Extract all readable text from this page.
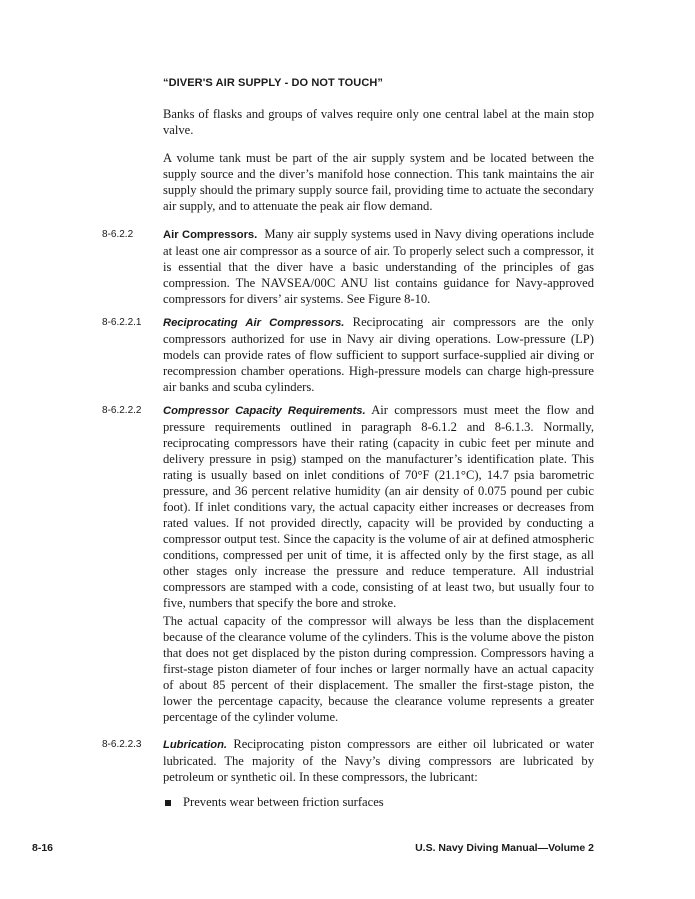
“DIVER'S AIR SUPPLY - DO NOT TOUCH”

Banks of flasks and groups of valves require only one central label at the main stop valve.

A volume tank must be part of the air supply system and be located between the supply source and the diver’s manifold hose connection. This tank maintains the air supply should the primary supply source fail, providing time to actuate the secondary air supply, and to attenuate the peak air flow demand.

8-6.2.2	Air Compressors. Many air supply systems used in Navy diving operations include at least one air compressor as a source of air. To properly select such a compressor, it is essential that the diver have a basic understanding of the principles of gas compression. The NAVSEA/00C ANU list contains guidance for Navy-approved compressors for divers’ air systems. See Figure 8-10.

8-6.2.2.1 Reciprocating Air Compressors. Reciprocating air compressors are the only compressors authorized for use in Navy air diving operations. Low-pressure (LP) models can provide rates of flow sufficient to support surface-supplied air diving or recompression chamber operations. High-pressure models can charge high-pressure air banks and scuba cylinders.

8-6.2.2.2 Compressor Capacity Requirements. Air compressors must meet the flow and pressure requirements outlined in paragraph 8-6.1.2 and 8-6.1.3. Normally, reciprocating compressors have their rating (capacity in cubic feet per minute and delivery pressure in psig) stamped on the manufacturer’s identification plate. This rating is usually based on inlet conditions of 70°F (21.1°C), 14.7 psia barometric pressure, and 36 percent relative humidity (an air density of 0.075 pound per cubic foot). If inlet conditions vary, the actual capacity either increases or decreases from rated values. If not provided directly, capacity will be provided by conducting a compressor output test. Since the capacity is the volume of air at defined atmospheric conditions, compressed per unit of time, it is affected only by the first stage, as all other stages only increase the pressure and reduce temperature. All industrial compressors are stamped with a code, consisting of at least two, but usually four to five, numbers that specify the bore and stroke.

The actual capacity of the compressor will always be less than the displacement because of the clearance volume of the cylinders. This is the volume above the piston that does not get displaced by the piston during compression. Compressors having a first-stage piston diameter of four inches or larger normally have an actual capacity of about 85 percent of their displacement. The smaller the first-stage piston, the lower the percentage capacity, because the clearance volume represents a greater percentage of the cylinder volume.

8-6.2.2.3 Lubrication. Reciprocating piston compressors are either oil lubricated or water lubricated. The majority of the Navy’s diving compressors are lubricated by petroleum or synthetic oil. In these compressors, the lubricant:

Prevents wear between friction surfaces
8-16	U.S. Navy Diving Manual—Volume 2
